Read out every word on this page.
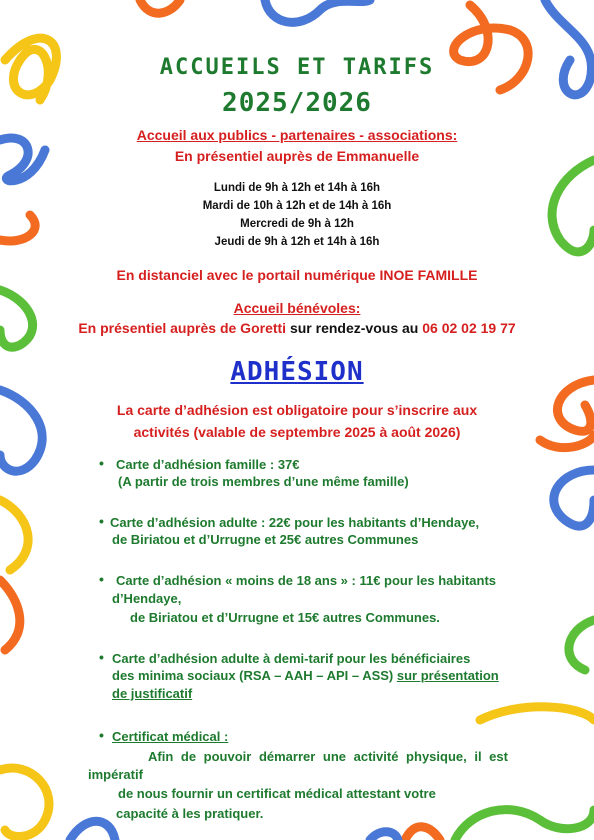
ACCUEILS ET TARIFS
2025/2026
Accueil aux publics - partenaires - associations:
En présentiel auprès de Emmanuelle
Lundi de 9h à 12h et 14h à 16h
Mardi de 10h à 12h et de 14h à 16h
Mercredi de 9h à 12h
Jeudi de 9h à 12h et 14h à 16h
En distanciel avec le portail numérique INOE FAMILLE
Accueil bénévoles:
En présentiel auprès de Goretti sur rendez-vous au 06 02 02 19 77
ADHÉSION
La carte d’adhésion est obligatoire pour s’inscrire aux
activités (valable de septembre 2025 à août 2026)
• Carte d’adhésion famille : 37€
(A partir de trois membres d’une même famille)
• Carte d’adhésion adulte : 22€ pour les habitants d’Hendaye,
de Biriatou et d’Urrugne et 25€ autres Communes
• Carte d’adhésion « moins de 18 ans » : 11€ pour les habitants
d’Hendaye,
de Biriatou et d’Urrugne et 15€ autres Communes.
• Carte d’adhésion adulte à demi-tarif pour les bénéficiaires
des minima sociaux (RSA – AAH – API – ASS) sur présentation
de justificatif
• Certificat médical :
Afin de pouvoir démarrer une activité physique, il est
impératif
de nous fournir un certificat médical attestant votre
capacité à les pratiquer.
